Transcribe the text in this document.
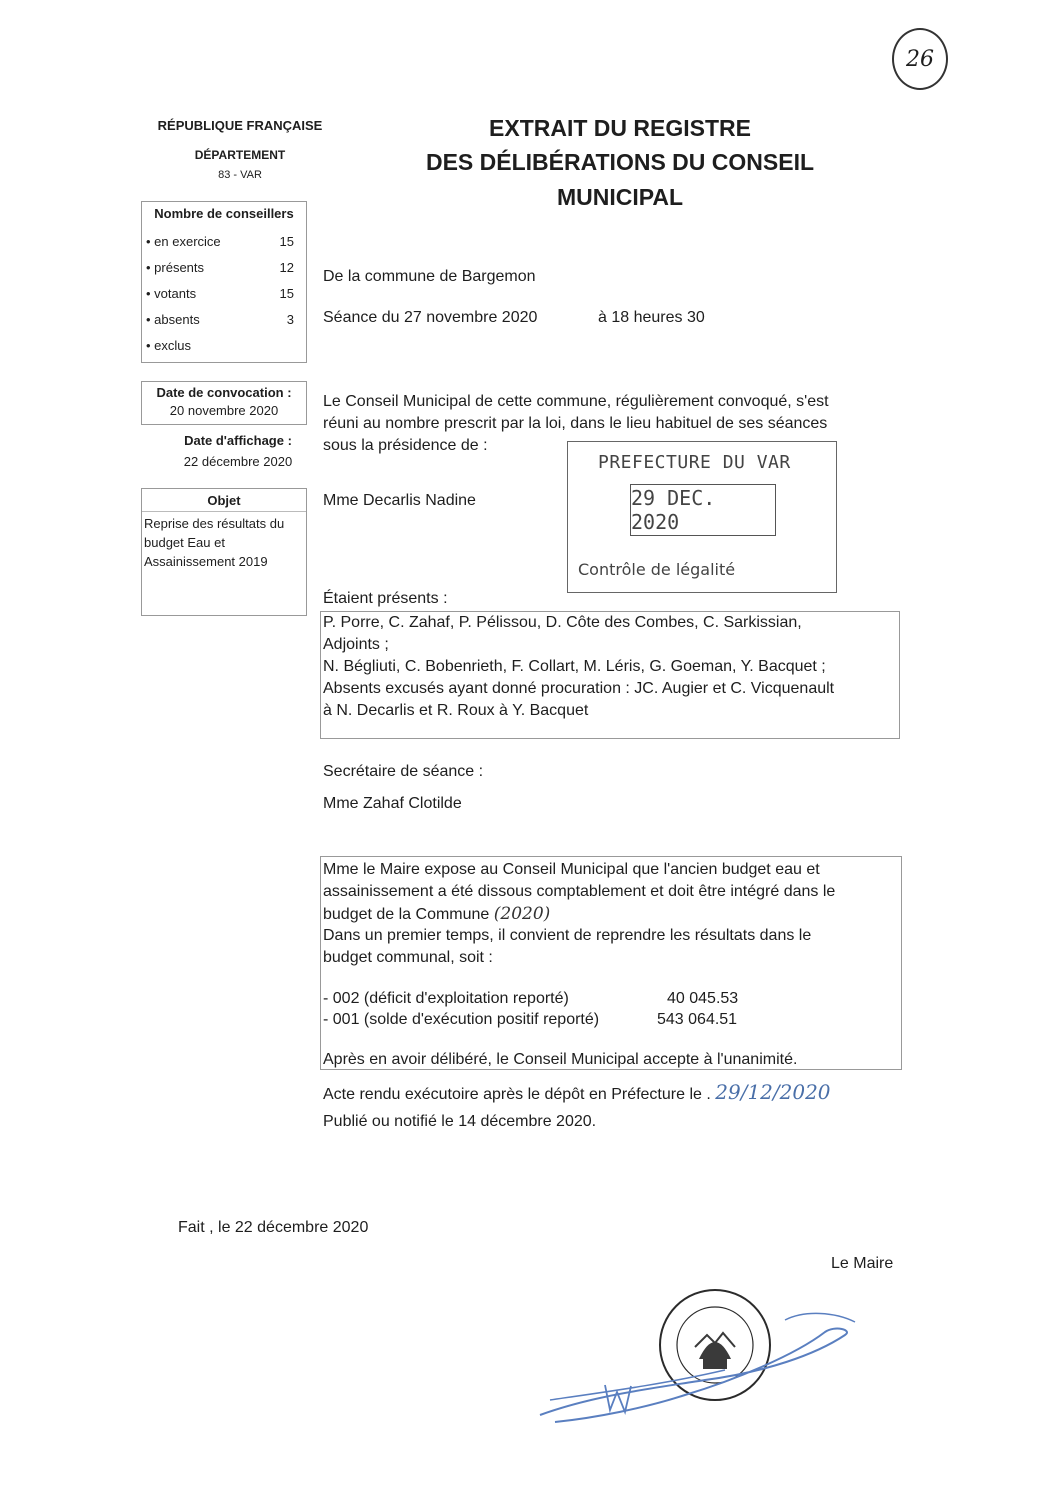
26
RÉPUBLIQUE FRANÇAISE
DÉPARTEMENT
83 - VAR
EXTRAIT DU REGISTRE
DES DÉLIBÉRATIONS DU CONSEIL
MUNICIPAL
Nombre de conseillers
• en exercice	15
• présents	12
• votants	15
• absents	3
• exclus
Date de convocation :
20 novembre 2020
Date d'affichage :
22 décembre 2020
Objet
Reprise des résultats du budget Eau et Assainissement 2019
De la commune de Bargemon
Séance du 27 novembre 2020	à 18 heures 30
Le Conseil Municipal de cette commune, régulièrement convoqué, s'est
réuni au nombre prescrit par la loi, dans le lieu habituel de ses séances
sous la présidence de :
Mme Decarlis Nadine
PREFECTURE DU VAR
29 DEC. 2020
Contrôle de légalité
Étaient présents :
P. Porre, C. Zahaf, P. Pélissou, D. Côte des Combes, C. Sarkissian,
Adjoints ;
N. Bégliuti, C. Bobenrieth, F. Collart, M. Léris, G. Goeman, Y. Bacquet ;
Absents excusés ayant donné procuration : JC. Augier et C. Vicquenault
à N. Decarlis et R. Roux à Y. Bacquet
Secrétaire de séance :
Mme Zahaf Clotilde
Mme le Maire expose au Conseil Municipal que l'ancien budget eau et
assainissement a été dissous comptablement et doit être intégré dans le
budget de la Commune (2020)
Dans un premier temps, il convient de reprendre les résultats dans le
budget communal, soit :
- 002 (déficit d'exploitation reporté)	40 045.53
- 001 (solde d'exécution positif reporté)	543 064.51
Après en avoir délibéré, le Conseil Municipal accepte à l'unanimité.
Acte rendu exécutoire après le dépôt en Préfecture le . 29/12/2020
Publié ou notifié le 14 décembre 2020.
Fait , le 22 décembre 2020
Le Maire
